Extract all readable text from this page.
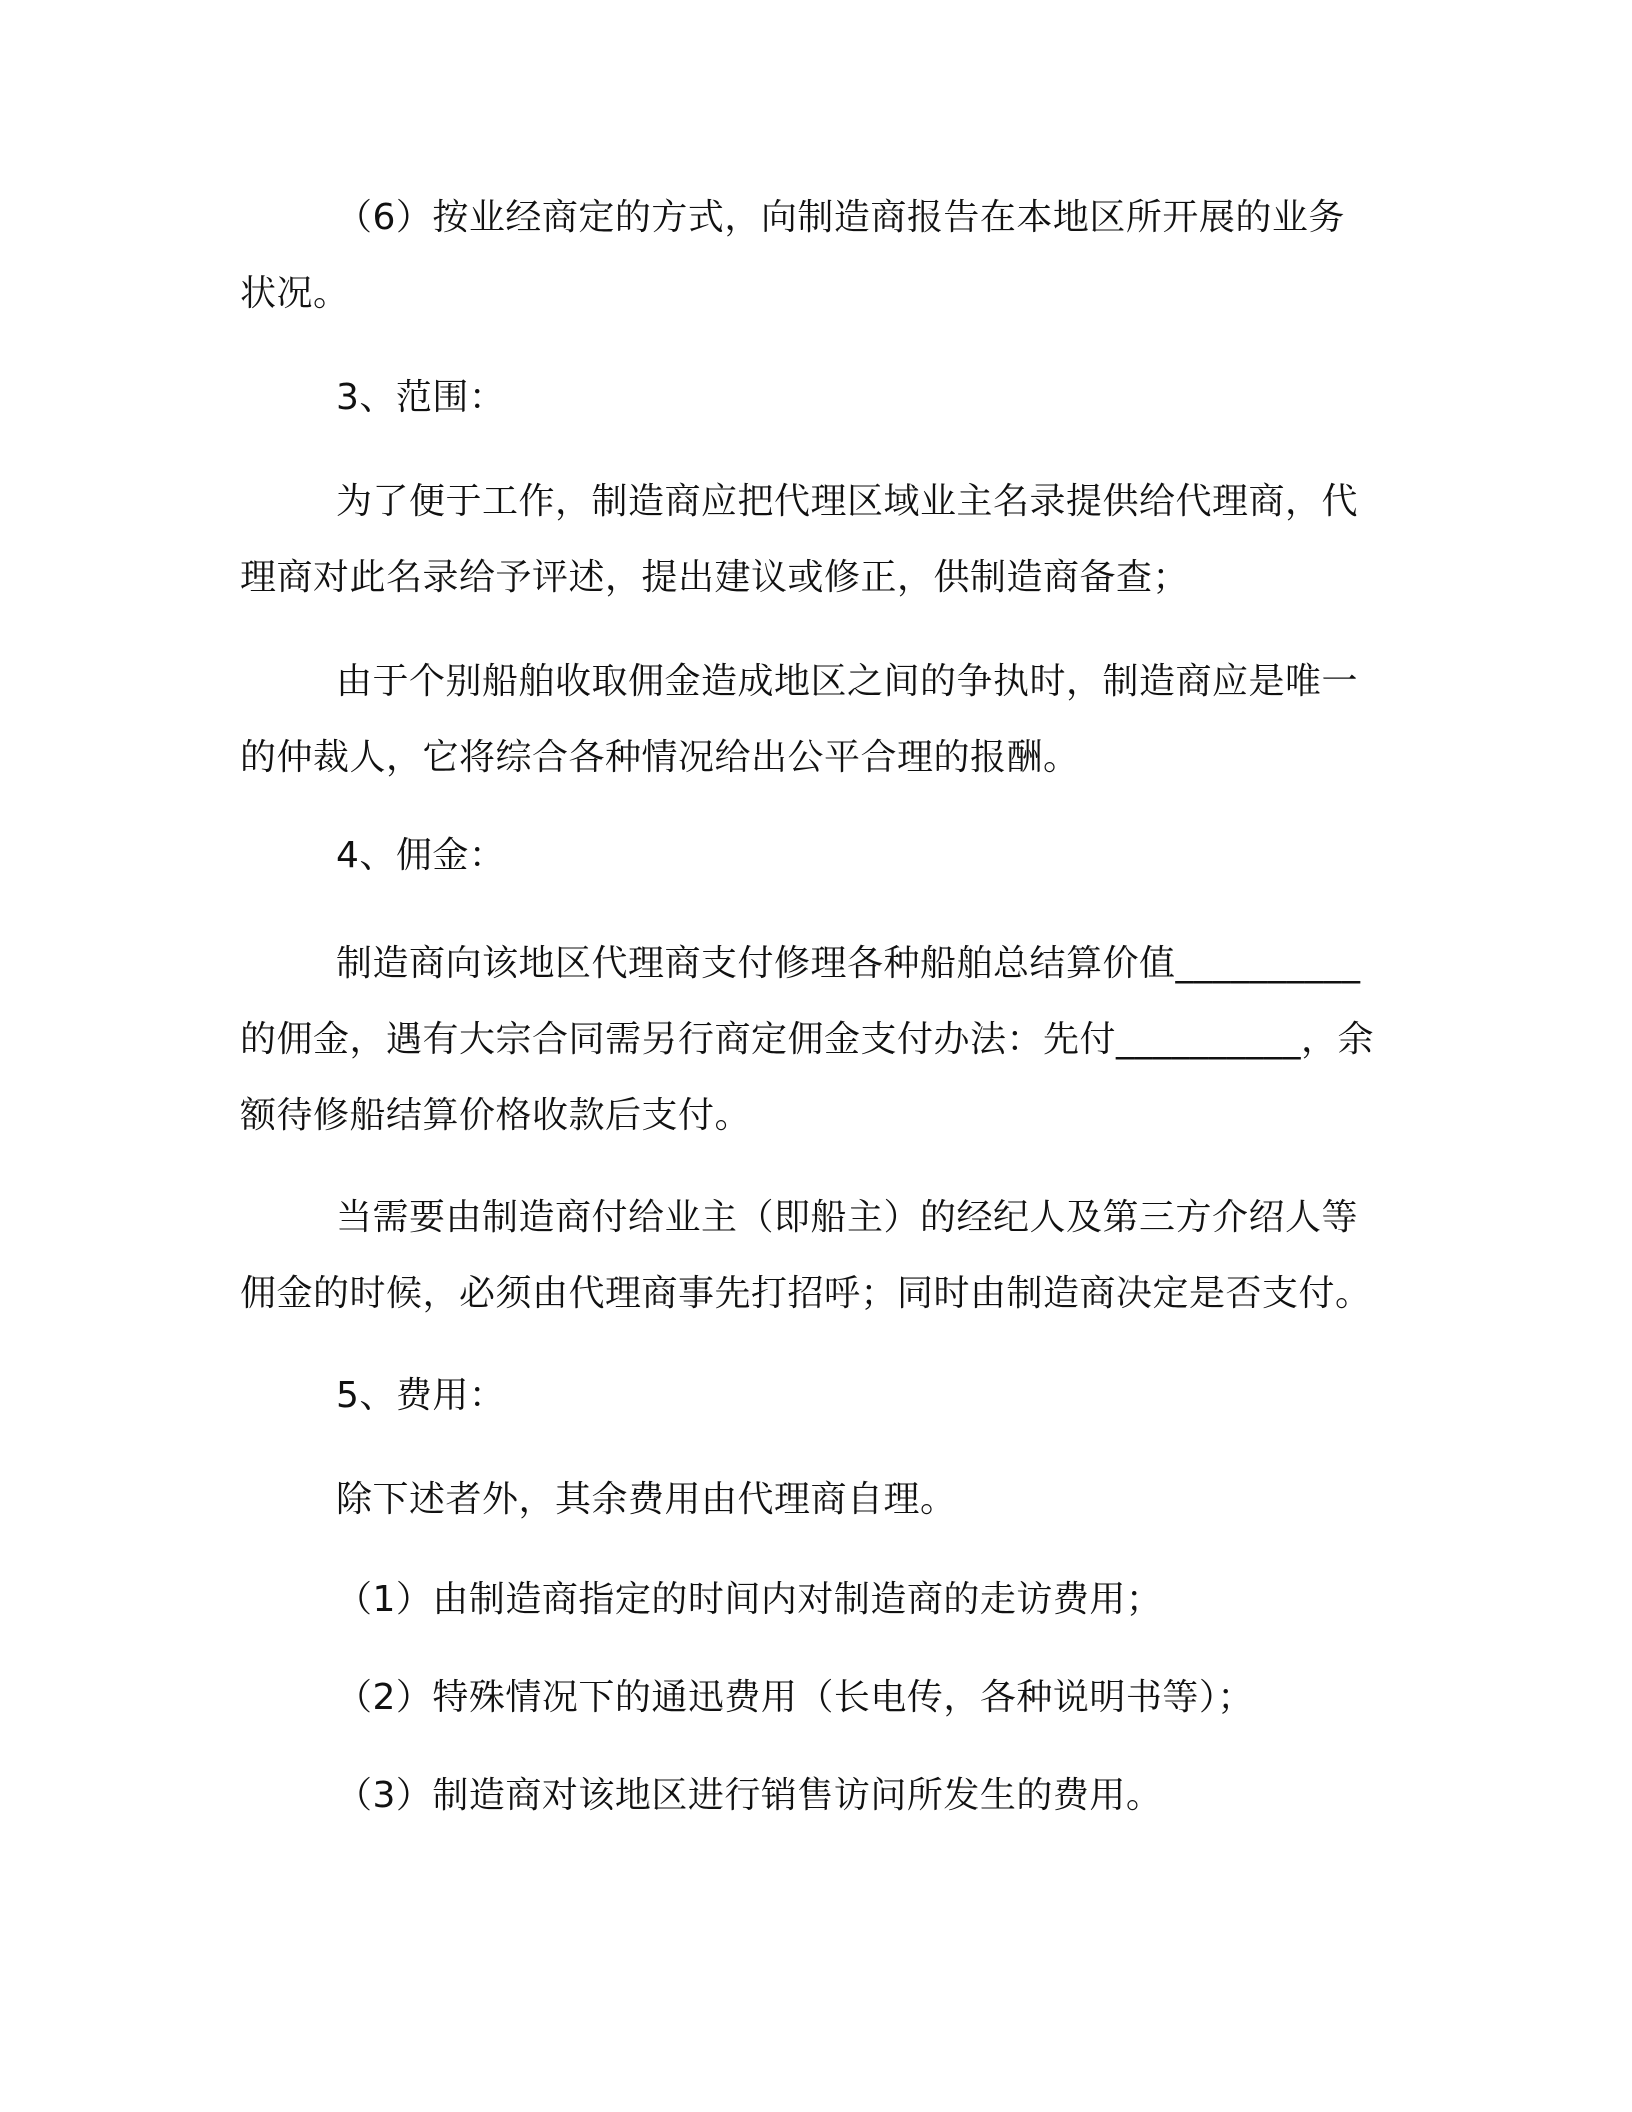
（6）按业经商定的方式，向制造商报告在本地区所开展的业务状况。

3、范围：

为了便于工作，制造商应把代理区域业主名录提供给代理商，代理商对此名录给予评述，提出建议或修正，供制造商备查；

由于个别船舶收取佣金造成地区之间的争执时，制造商应是唯一的仲裁人，它将综合各种情况给出公平合理的报酬。

4、佣金：

制造商向该地区代理商支付修理各种船舶总结算价值__________的佣金，遇有大宗合同需另行商定佣金支付办法：先付__________，余额待修船结算价格收款后支付。

当需要由制造商付给业主（即船主）的经纪人及第三方介绍人等佣金的时候，必须由代理商事先打招呼；同时由制造商决定是否支付。

5、费用：

除下述者外，其余费用由代理商自理。

（1）由制造商指定的时间内对制造商的走访费用；

（2）特殊情况下的通迅费用（长电传，各种说明书等）；

（3）制造商对该地区进行销售访问所发生的费用。
